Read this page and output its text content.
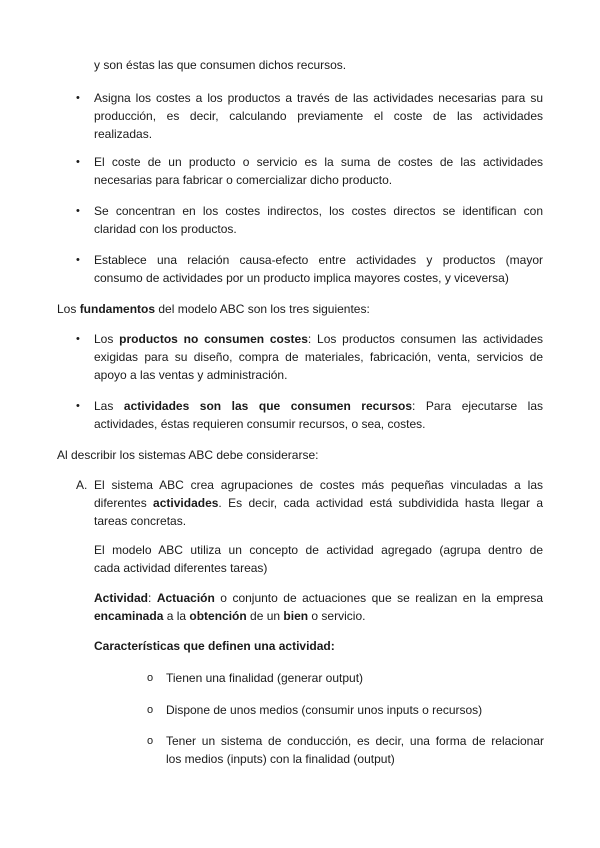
y son éstas las que consumen dichos recursos.
• Asigna los costes a los productos a través de las actividades necesarias para su
producción, es decir, calculando previamente el coste de las actividades
realizadas.
• El coste de un producto o servicio es la suma de costes de las actividades
necesarias para fabricar o comercializar dicho producto.
• Se concentran en los costes indirectos, los costes directos se identifican con
claridad con los productos.
• Establece una relación causa-efecto entre actividades y productos (mayor
consumo de actividades por un producto implica mayores costes, y viceversa)
Los fundamentos del modelo ABC son los tres siguientes:
• Los productos no consumen costes: Los productos consumen las actividades
exigidas para su diseño, compra de materiales, fabricación, venta, servicios de
apoyo a las ventas y administración.
• Las actividades son las que consumen recursos: Para ejecutarse las
actividades, éstas requieren consumir recursos, o sea, costes.
Al describir los sistemas ABC debe considerarse:
A. El sistema ABC crea agrupaciones de costes más pequeñas vinculadas a las
diferentes actividades. Es decir, cada actividad está subdividida hasta llegar a
tareas concretas.
El modelo ABC utiliza un concepto de actividad agregado (agrupa dentro de
cada actividad diferentes tareas)
Actividad: Actuación o conjunto de actuaciones que se realizan en la empresa
encaminada a la obtención de un bien o servicio.
Características que definen una actividad:
o Tienen una finalidad (generar output)
o Dispone de unos medios (consumir unos inputs o recursos)
o Tener un sistema de conducción, es decir, una forma de relacionar
los medios (inputs) con la finalidad (output)
